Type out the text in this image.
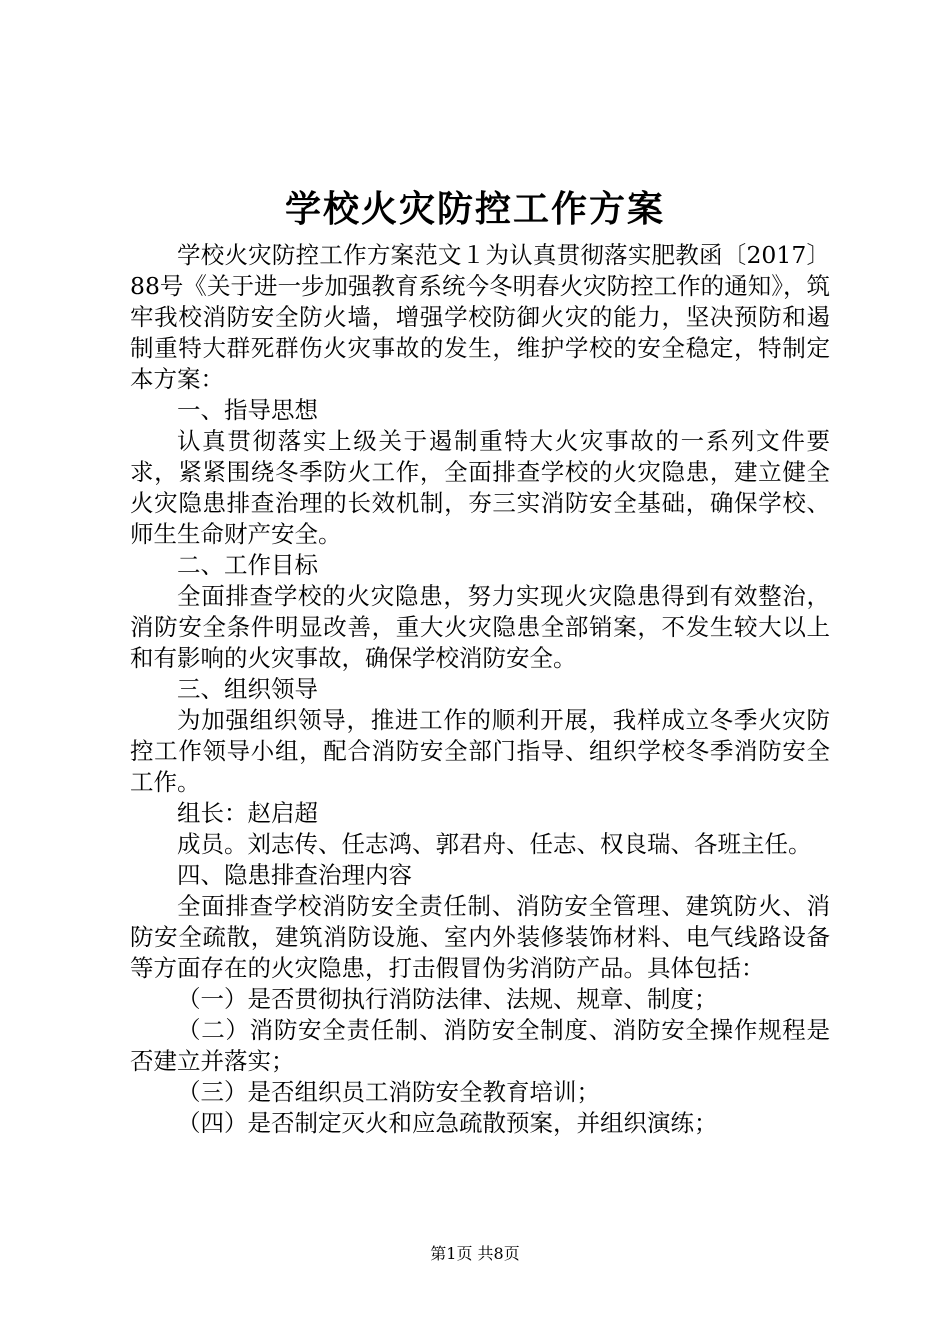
学校火灾防控工作方案

学校火灾防控工作方案范文１为认真贯彻落实肥教函〔2017〕88号《关于进一步加强教育系统今冬明春火灾防控工作的通知》，筑牢我校消防安全防火墙，增强学校防御火灾的能力，坚决预防和遏制重特大群死群伤火灾事故的发生，维护学校的安全稳定，特制定本方案：

一、指导思想

认真贯彻落实上级关于遏制重特大火灾事故的一系列文件要求，紧紧围绕冬季防火工作，全面排查学校的火灾隐患，建立健全火灾隐患排查治理的长效机制，夯三实消防安全基础，确保学校、师生生命财产安全。

二、工作目标

全面排查学校的火灾隐患，努力实现火灾隐患得到有效整治，消防安全条件明显改善，重大火灾隐患全部销案，不发生较大以上和有影响的火灾事故，确保学校消防安全。

三、组织领导

为加强组织领导，推进工作的顺利开展，我样成立冬季火灾防控工作领导小组，配合消防安全部门指导、组织学校冬季消防安全工作。

组长：赵启超

成员。刘志传、任志鸿、郭君舟、任志、权良瑞、各班主任。

四、隐患排查治理内容

全面排查学校消防安全责任制、消防安全管理、建筑防火、消防安全疏散，建筑消防设施、室内外装修装饰材料、电气线路设备等方面存在的火灾隐患，打击假冒伪劣消防产品。具体包括：

（一）是否贯彻执行消防法律、法规、规章、制度；

（二）消防安全责任制、消防安全制度、消防安全操作规程是否建立并落实；

（三）是否组织员工消防安全教育培训；

（四）是否制定灭火和应急疏散预案，并组织演练；

第1页 共8页
